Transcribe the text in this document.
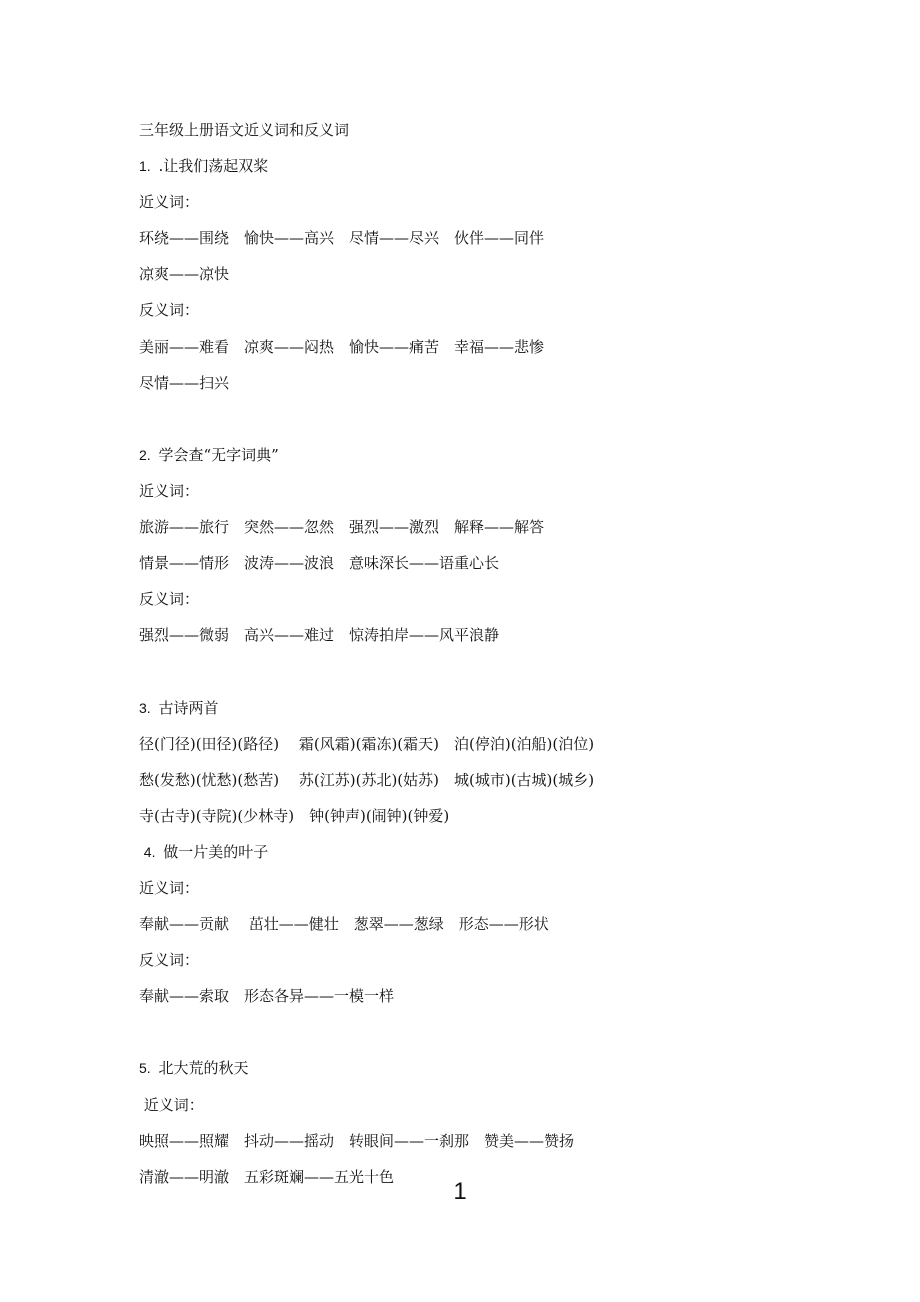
三年级上册语文近义词和反义词
1.  .让我们荡起双桨
近义词：
环绕——围绕　愉快——高兴　尽情——尽兴　伙伴——同伴
凉爽——凉快
反义词：
美丽——难看　凉爽——闷热　愉快——痛苦　幸福——悲惨
尽情——扫兴
2.  学会查“无字词典”
近义词：
旅游——旅行　突然——忽然　强烈——激烈　解释——解答
情景——情形　波涛——波浪　意味深长——语重心长
反义词：
强烈——微弱　高兴——难过　惊涛拍岸——风平浪静
3.  古诗两首
径(门径)(田径)(路径)　 霜(风霜)(霜冻)(霜天)　泊(停泊)(泊船)(泊位)
愁(发愁)(忧愁)(愁苦)　 苏(江苏)(苏北)(姑苏)　城(城市)(古城)(城乡)
寺(古寺)(寺院)(少林寺)　钟(钟声)(闹钟)(钟爱)
4.  做一片美的叶子
近义词：
奉献——贡献　 茁壮——健壮　葱翠——葱绿　形态——形状
反义词：
奉献——索取　形态各异——一模一样
5.  北大荒的秋天
近义词：
映照——照耀　抖动——摇动　转眼间——一刹那　赞美——赞扬
清澈——明澈　五彩斑斓——五光十色
1
